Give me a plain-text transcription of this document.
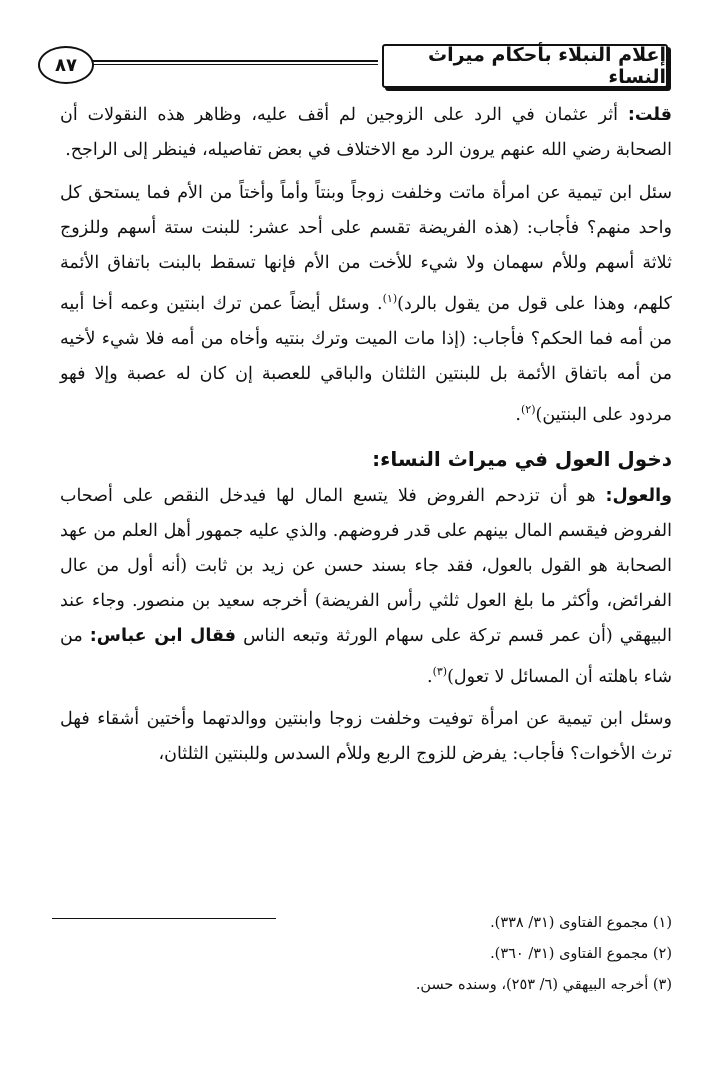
إعلام النبلاء بأحكام ميراث النساء
٨٧

قلت: أثر عثمان في الرد على الزوجين لم أقف عليه، وظاهر هذه النقولات أن الصحابة رضي الله عنهم يرون الرد مع الاختلاف في بعض تفاصيله، فينظر إلى الراجح.

سئل ابن تيمية عن امرأة ماتت وخلفت زوجاً وبنتاً وأماً وأختاً من الأم فما يستحق كل واحد منهم؟ فأجاب: (هذه الفريضة تقسم على أحد عشر: للبنت ستة أسهم وللزوج ثلاثة أسهم وللأم سهمان ولا شيء للأخت من الأم فإنها تسقط بالبنت باتفاق الأئمة كلهم، وهذا على قول من يقول بالرد)$^{(١)}$. وسئل أيضاً عمن ترك ابنتين وعمه أخا أبيه من أمه فما الحكم؟ فأجاب: (إذا مات الميت وترك بنتيه وأخاه من أمه فلا شيء لأخيه من أمه باتفاق الأئمة بل للبنتين الثلثان والباقي للعصبة إن كان له عصبة وإلا فهو مردود على البنتين)$^{(٢)}$.

دخول العول في ميراث النساء:

والعول: هو أن تزدحم الفروض فلا يتسع المال لها فيدخل النقص على أصحاب الفروض فيقسم المال بينهم على قدر فروضهم. والذي عليه جمهور أهل العلم من عهد الصحابة هو القول بالعول، فقد جاء بسند حسن عن زيد بن ثابت (أنه أول من عال الفرائض، وأكثر ما بلغ العول ثلثي رأس الفريضة) أخرجه سعيد بن منصور. وجاء عند البيهقي (أن عمر قسم تركة على سهام الورثة وتبعه الناس فقال ابن عباس: من شاء باهلته أن المسائل لا تعول)$^{(٣)}$.

وسئل ابن تيمية عن امرأة توفيت وخلفت زوجا وابنتين ووالدتهما وأختين أشقاء فهل ترث الأخوات؟ فأجاب: يفرض للزوج الربع وللأم السدس وللبنتين الثلثان،

(١) مجموع الفتاوى (٣١/ ٣٣٨).

(٢) مجموع الفتاوى (٣١/ ٣٦٠).

(٣) أخرجه البيهقي (٦/ ٢٥٣)، وسنده حسن.
